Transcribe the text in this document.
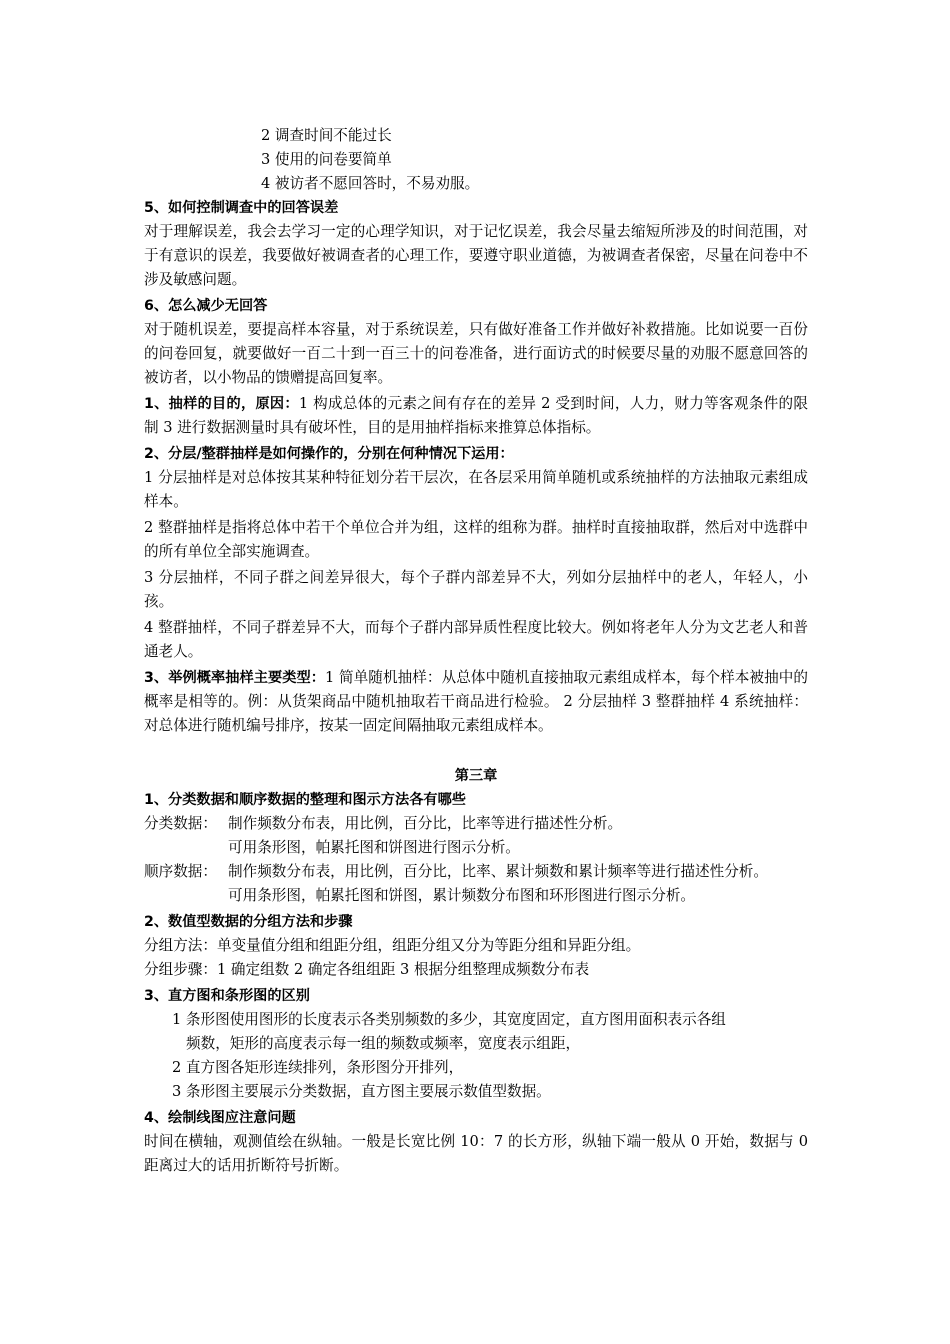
2 调查时间不能过长
3 使用的问卷要简单
4 被访者不愿回答时，不易劝服。
5、如何控制调查中的回答误差
对于理解误差，我会去学习一定的心理学知识，对于记忆误差，我会尽量去缩短所涉及的时间范围，对于有意识的误差，我要做好被调查者的心理工作，要遵守职业道德，为被调查者保密，尽量在问卷中不涉及敏感问题。
6、怎么减少无回答
对于随机误差，要提高样本容量，对于系统误差，只有做好准备工作并做好补救措施。比如说要一百份的问卷回复，就要做好一百二十到一百三十的问卷准备，进行面访式的时候要尽量的劝服不愿意回答的被访者，以小物品的馈赠提高回复率。
1、抽样的目的，原因：1 构成总体的元素之间有存在的差异 2 受到时间，人力，财力等客观条件的限制 3 进行数据测量时具有破坏性，目的是用抽样指标来推算总体指标。
2、分层/整群抽样是如何操作的，分别在何种情况下运用：
1 分层抽样是对总体按其某种特征划分若干层次，在各层采用简单随机或系统抽样的方法抽取元素组成样本。
2 整群抽样是指将总体中若干个单位合并为组，这样的组称为群。抽样时直接抽取群，然后对中选群中的所有单位全部实施调查。
3 分层抽样，不同子群之间差异很大，每个子群内部差异不大，列如分层抽样中的老人，年轻人，小孩。
4 整群抽样，不同子群差异不大，而每个子群内部异质性程度比较大。例如将老年人分为文艺老人和普通老人。
3、举例概率抽样主要类型：1 简单随机抽样：从总体中随机直接抽取元素组成样本，每个样本被抽中的概率是相等的。例：从货架商品中随机抽取若干商品进行检验。 2 分层抽样 3 整群抽样 4 系统抽样：对总体进行随机编号排序，按某一固定间隔抽取元素组成样本。
第三章
1、分类数据和顺序数据的整理和图示方法各有哪些
分类数据： 制作频数分布表，用比例，百分比，比率等进行描述性分析。
可用条形图，帕累托图和饼图进行图示分析。
顺序数据： 制作频数分布表，用比例，百分比，比率、累计频数和累计频率等进行描述性分析。
可用条形图，帕累托图和饼图，累计频数分布图和环形图进行图示分析。
2、数值型数据的分组方法和步骤
分组方法：单变量值分组和组距分组，组距分组又分为等距分组和异距分组。
分组步骤：1 确定组数 2 确定各组组距 3 根据分组整理成频数分布表
3、直方图和条形图的区别
1 条形图使用图形的长度表示各类别频数的多少，其宽度固定，直方图用面积表示各组
频数，矩形的高度表示每一组的频数或频率，宽度表示组距，
2 直方图各矩形连续排列，条形图分开排列，
3 条形图主要展示分类数据，直方图主要展示数值型数据。
4、绘制线图应注意问题
时间在横轴，观测值绘在纵轴。一般是长宽比例 10：7 的长方形，纵轴下端一般从 0 开始，数据与 0 距离过大的话用折断符号折断。
